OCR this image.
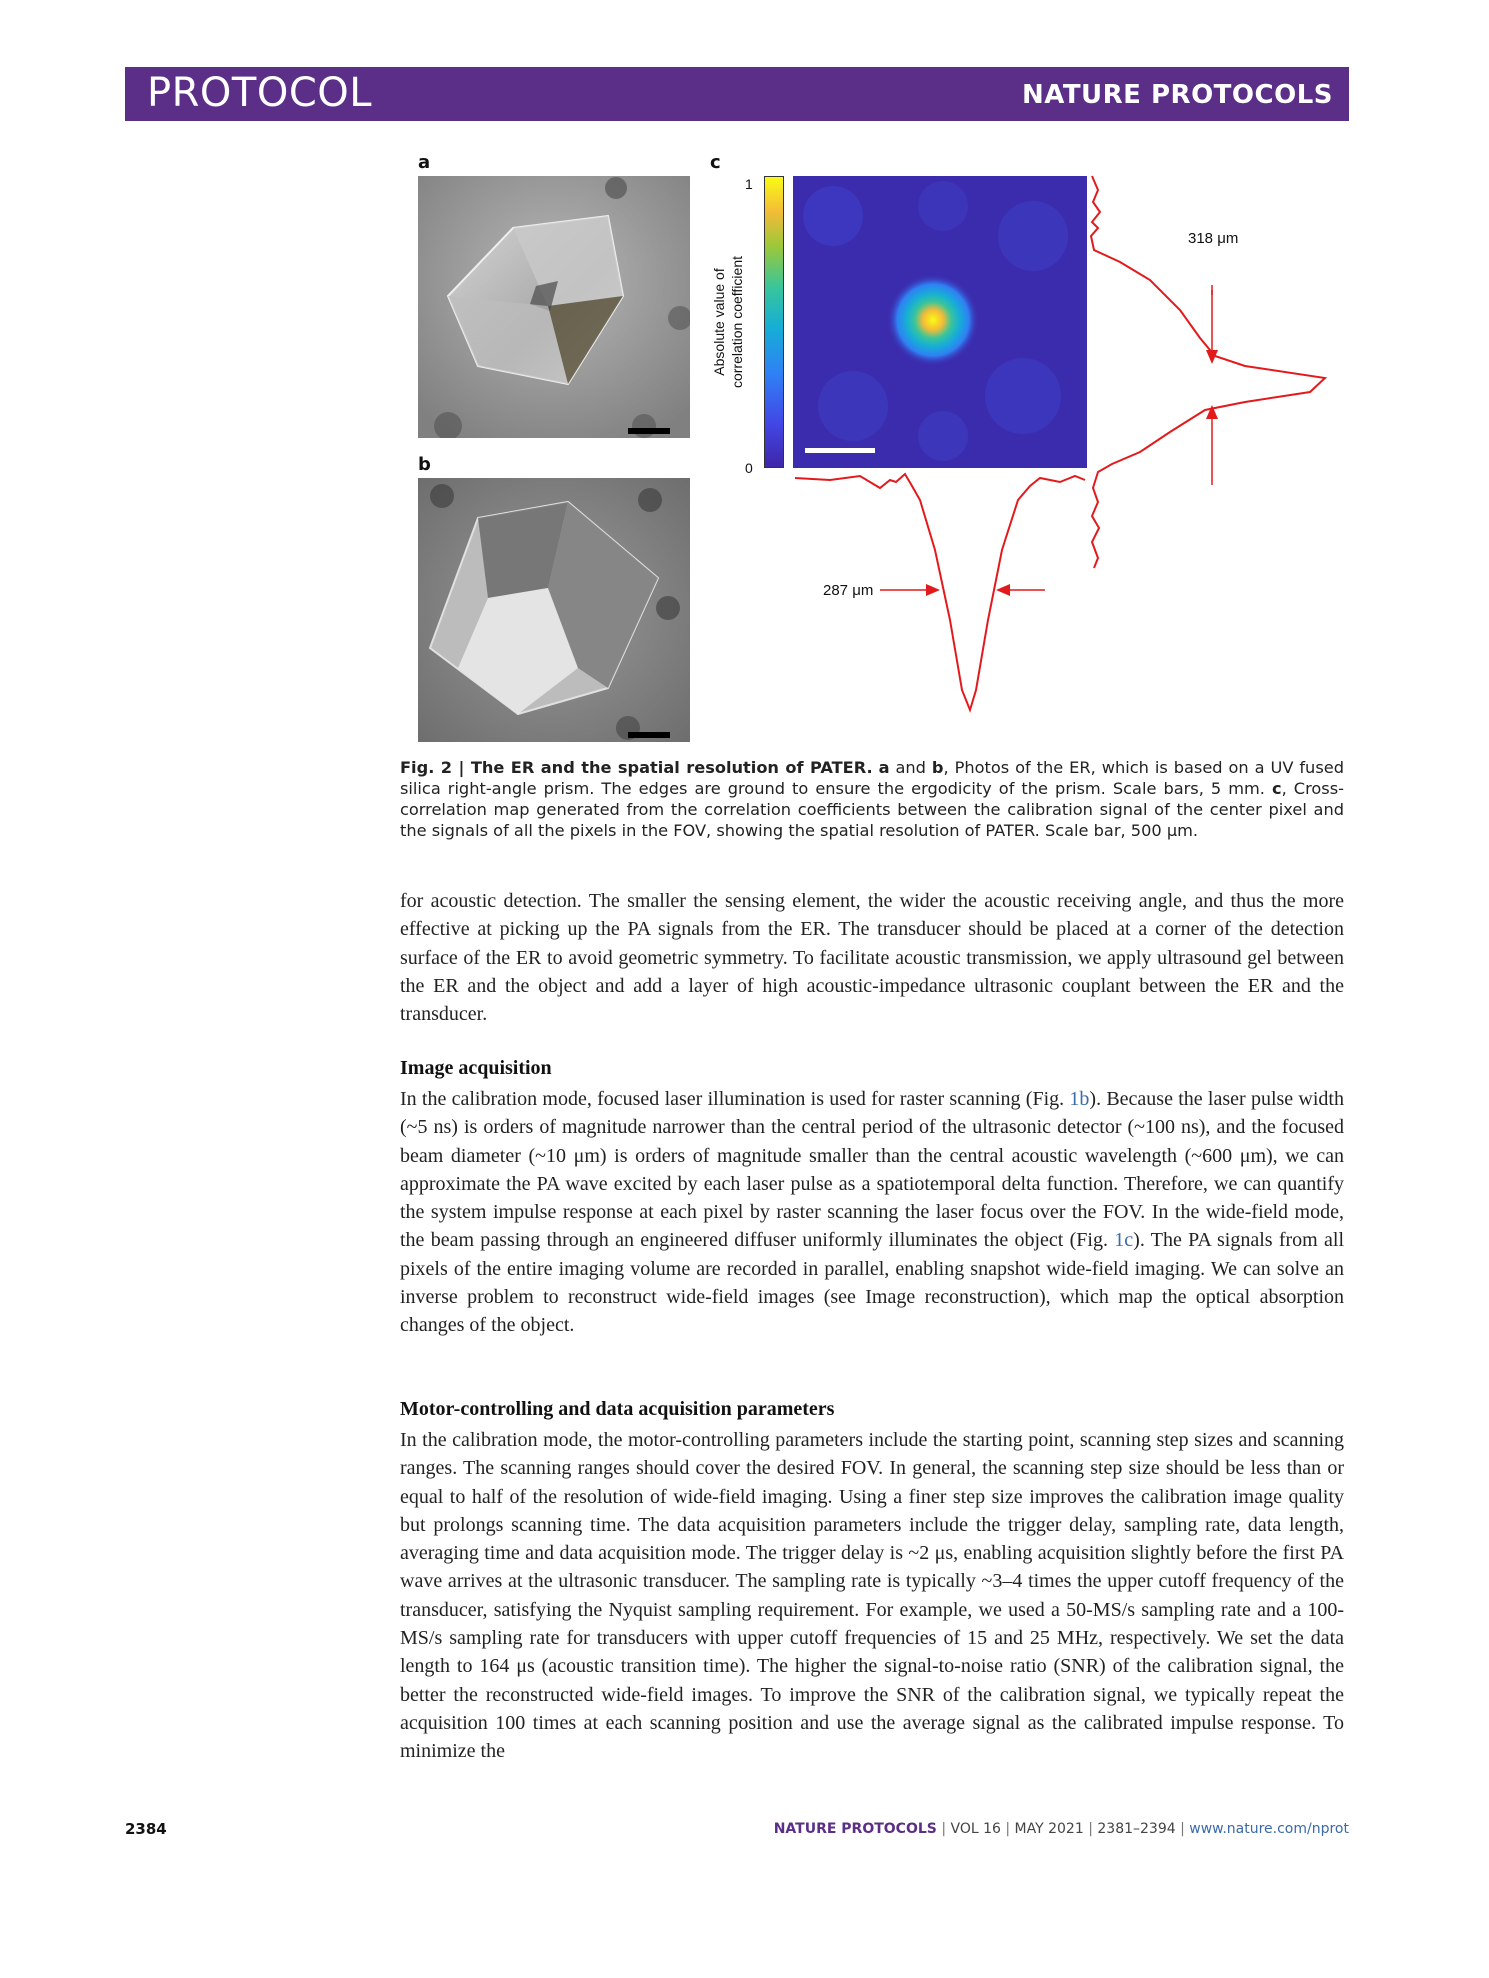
PROTOCOL	NATURE PROTOCOLS
a
b
c
1
0
Absolute value of correlation coefficient
318 μm
287 μm
Fig. 2 | The ER and the spatial resolution of PATER. a and b, Photos of the ER, which is based on a UV fused silica right-angle prism. The edges are ground to ensure the ergodicity of the prism. Scale bars, 5 mm. c, Cross-correlation map generated from the correlation coefficients between the calibration signal of the center pixel and the signals of all the pixels in the FOV, showing the spatial resolution of PATER. Scale bar, 500 μm.
for acoustic detection. The smaller the sensing element, the wider the acoustic receiving angle, and thus the more effective at picking up the PA signals from the ER. The transducer should be placed at a corner of the detection surface of the ER to avoid geometric symmetry. To facilitate acoustic transmission, we apply ultrasound gel between the ER and the object and add a layer of high acoustic-impedance ultrasonic couplant between the ER and the transducer.
Image acquisition
In the calibration mode, focused laser illumination is used for raster scanning (Fig. 1b). Because the laser pulse width (~5 ns) is orders of magnitude narrower than the central period of the ultrasonic detector (~100 ns), and the focused beam diameter (~10 μm) is orders of magnitude smaller than the central acoustic wavelength (~600 μm), we can approximate the PA wave excited by each laser pulse as a spatiotemporal delta function. Therefore, we can quantify the system impulse response at each pixel by raster scanning the laser focus over the FOV. In the wide-field mode, the beam passing through an engineered diffuser uniformly illuminates the object (Fig. 1c). The PA signals from all pixels of the entire imaging volume are recorded in parallel, enabling snapshot wide-field imaging. We can solve an inverse problem to reconstruct wide-field images (see Image reconstruction), which map the optical absorption changes of the object.
Motor-controlling and data acquisition parameters
In the calibration mode, the motor-controlling parameters include the starting point, scanning step sizes and scanning ranges. The scanning ranges should cover the desired FOV. In general, the scanning step size should be less than or equal to half of the resolution of wide-field imaging. Using a finer step size improves the calibration image quality but prolongs scanning time. The data acquisition parameters include the trigger delay, sampling rate, data length, averaging time and data acquisition mode. The trigger delay is ~2 μs, enabling acquisition slightly before the first PA wave arrives at the ultrasonic transducer. The sampling rate is typically ~3–4 times the upper cutoff frequency of the transducer, satisfying the Nyquist sampling requirement. For example, we used a 50-MS/s sampling rate and a 100-MS/s sampling rate for transducers with upper cutoff frequencies of 15 and 25 MHz, respectively. We set the data length to 164 μs (acoustic transition time). The higher the signal-to-noise ratio (SNR) of the calibration signal, the better the reconstructed wide-field images. To improve the SNR of the calibration signal, we typically repeat the acquisition 100 times at each scanning position and use the average signal as the calibrated impulse response. To minimize the
2384	NATURE PROTOCOLS | VOL 16 | MAY 2021 | 2381–2394 | www.nature.com/nprot
